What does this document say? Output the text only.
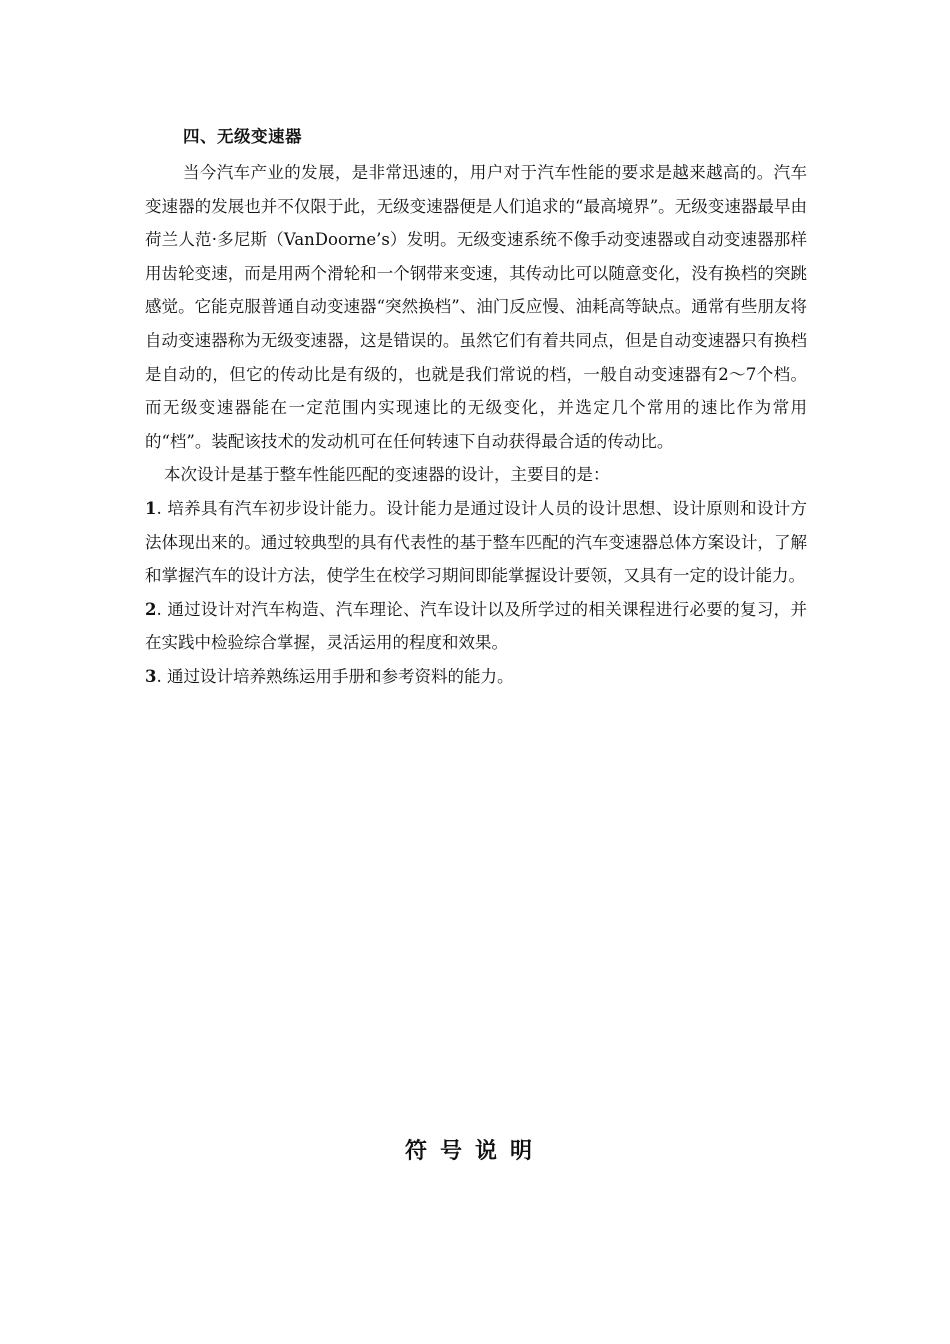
四、无级变速器

当今汽车产业的发展，是非常迅速的，用户对于汽车性能的要求是越来越高的。汽车变速器的发展也并不仅限于此，无级变速器便是人们追求的“最高境界”。无级变速器最早由荷兰人范·多尼斯（VanDoorne’s）发明。无级变速系统不像手动变速器或自动变速器那样用齿轮变速，而是用两个滑轮和一个钢带来变速，其传动比可以随意变化，没有换档的突跳感觉。它能克服普通自动变速器“突然换档”、油门反应慢、油耗高等缺点。通常有些朋友将自动变速器称为无级变速器，这是错误的。虽然它们有着共同点，但是自动变速器只有换档是自动的，但它的传动比是有级的，也就是我们常说的档，一般自动变速器有2～7个档。而无级变速器能在一定范围内实现速比的无级变化，并选定几个常用的速比作为常用的“档”。装配该技术的发动机可在任何转速下自动获得最合适的传动比。

本次设计是基于整车性能匹配的变速器的设计，主要目的是：

1. 培养具有汽车初步设计能力。设计能力是通过设计人员的设计思想、设计原则和设计方法体现出来的。通过较典型的具有代表性的基于整车匹配的汽车变速器总体方案设计，了解和掌握汽车的设计方法，使学生在校学习期间即能掌握设计要领，又具有一定的设计能力。

2. 通过设计对汽车构造、汽车理论、汽车设计以及所学过的相关课程进行必要的复习，并在实践中检验综合掌握，灵活运用的程度和效果。

3. 通过设计培养熟练运用手册和参考资料的能力。

符号说明
